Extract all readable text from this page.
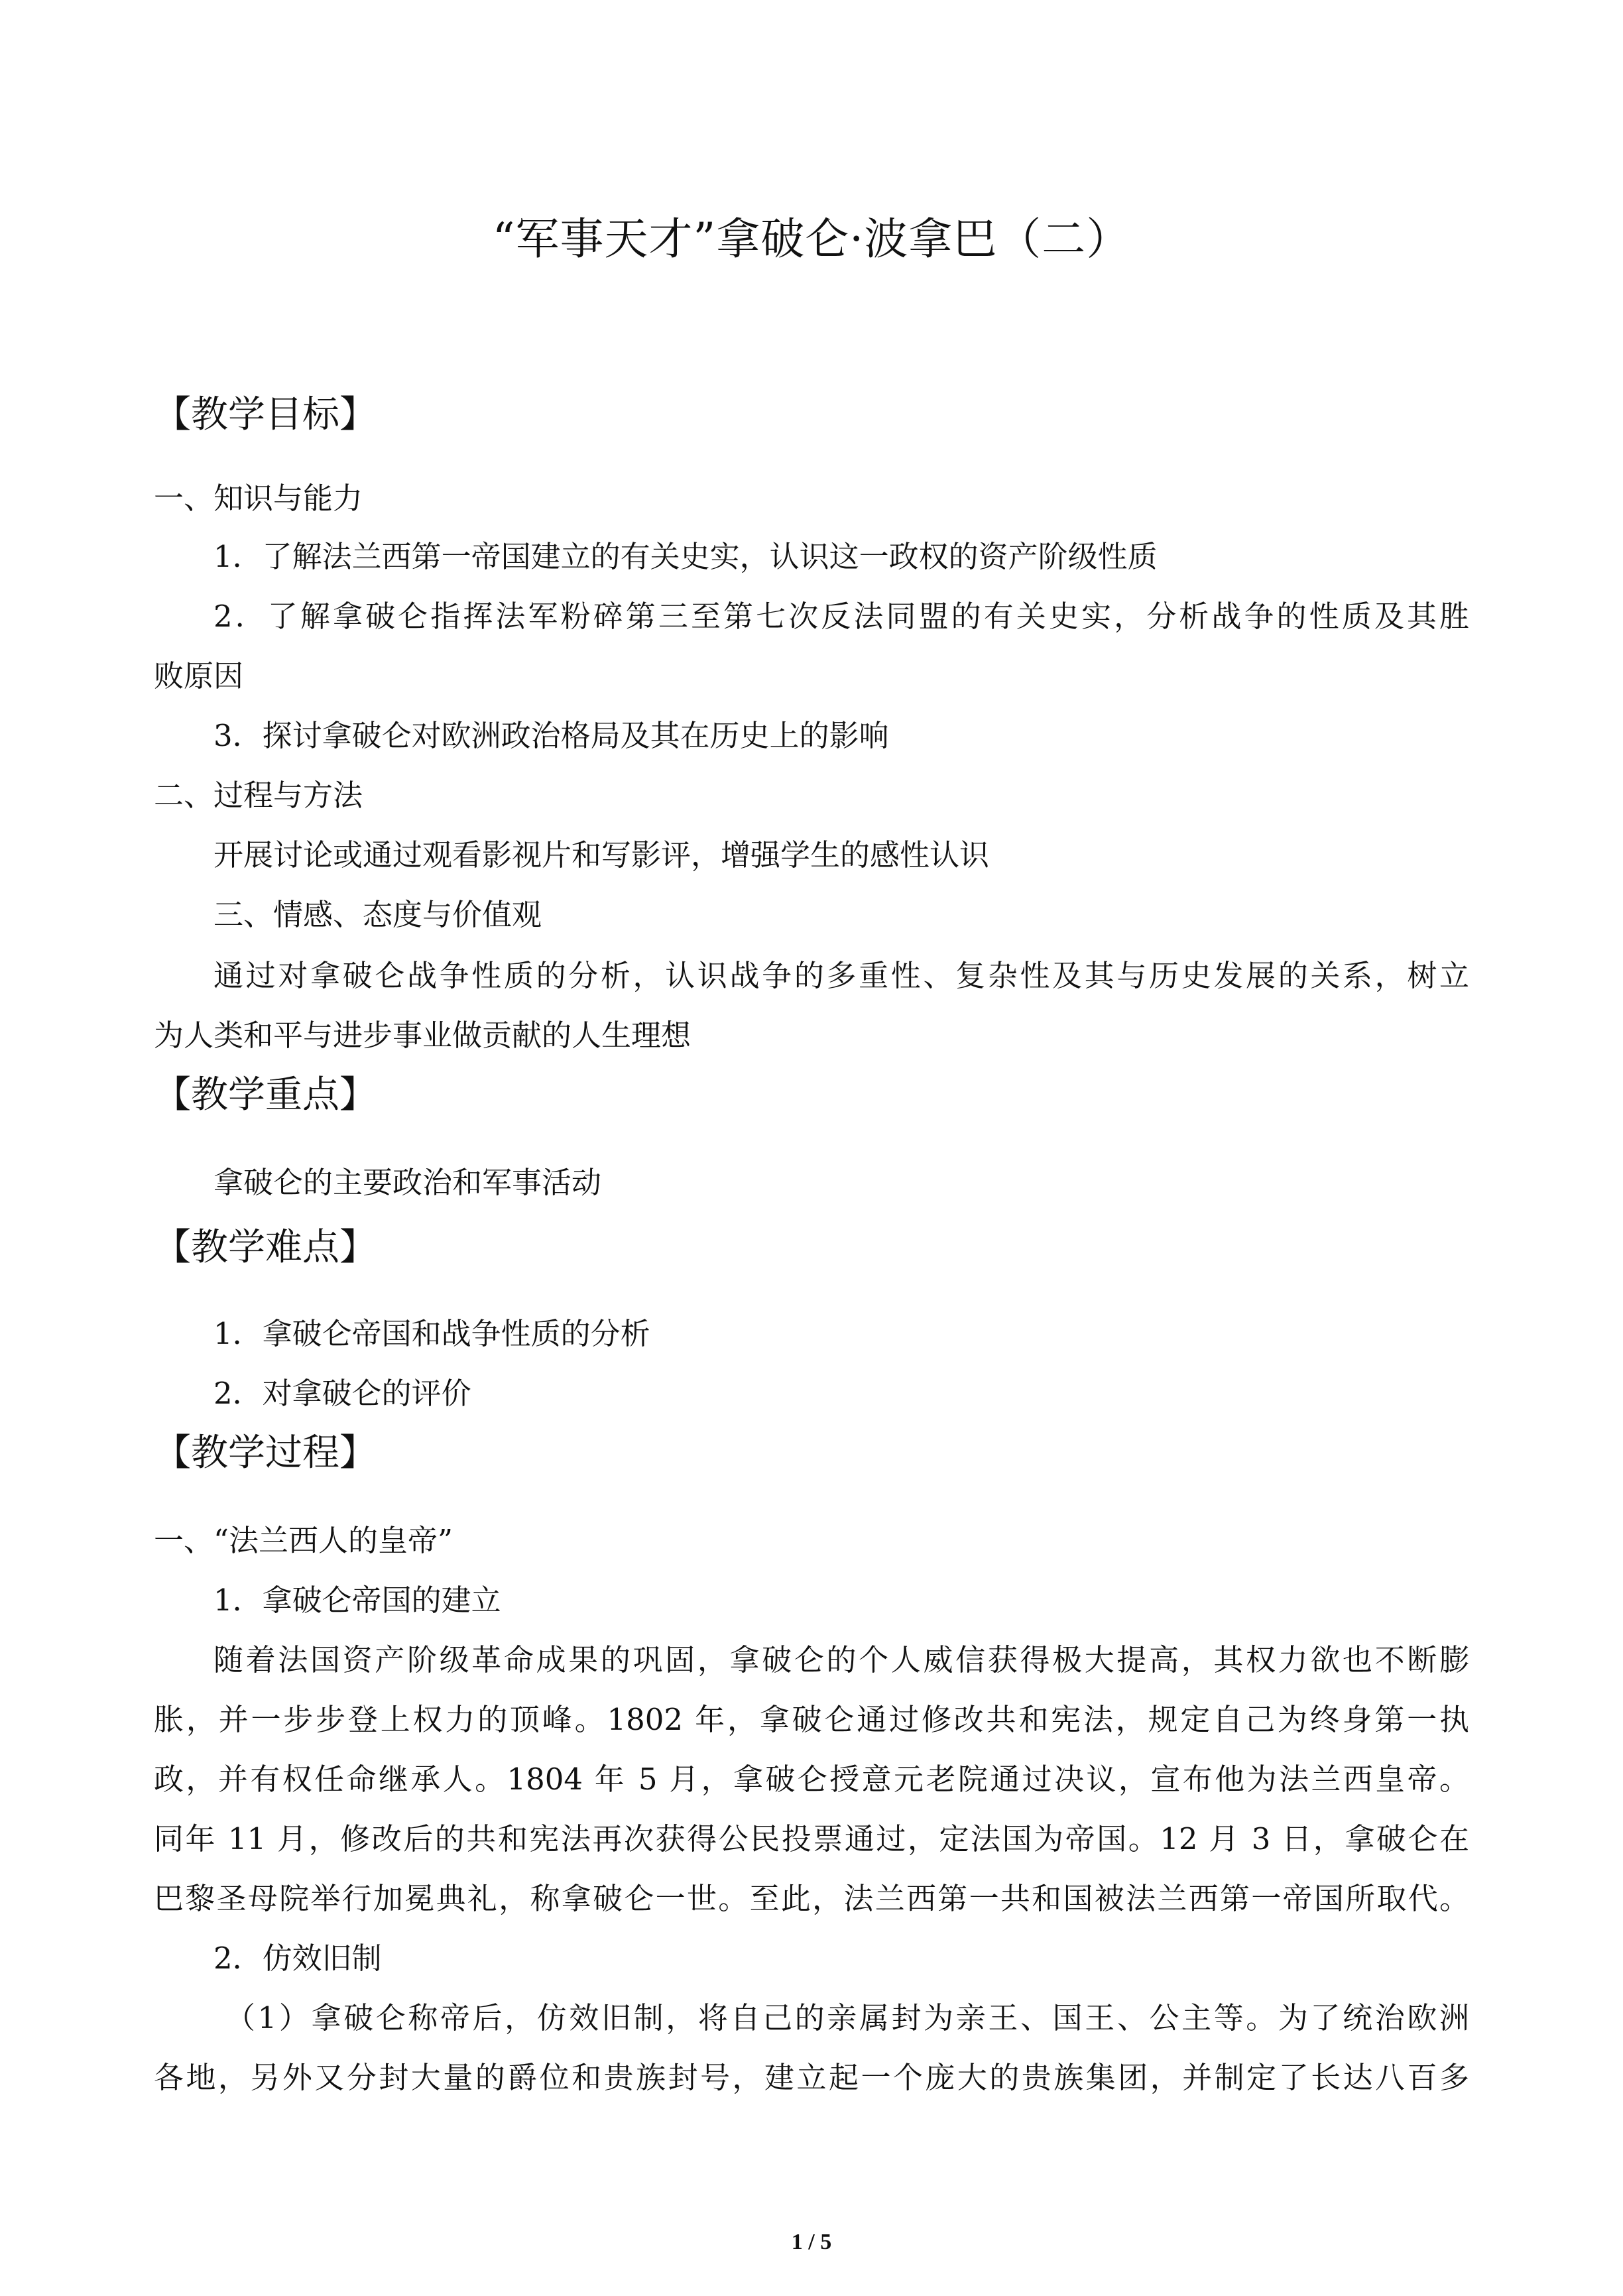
“军事天才”拿破仑·波拿巴（二）
【教学目标】
一、知识与能力
1．了解法兰西第一帝国建立的有关史实，认识这一政权的资产阶级性质
2．了解拿破仑指挥法军粉碎第三至第七次反法同盟的有关史实，分析战争的性质及其胜
败原因
3．探讨拿破仑对欧洲政治格局及其在历史上的影响
二、过程与方法
开展讨论或通过观看影视片和写影评，增强学生的感性认识
三、情感、态度与价值观
通过对拿破仑战争性质的分析，认识战争的多重性、复杂性及其与历史发展的关系，树立
为人类和平与进步事业做贡献的人生理想
【教学重点】
拿破仑的主要政治和军事活动
【教学难点】
1．拿破仑帝国和战争性质的分析
2．对拿破仑的评价
【教学过程】
一、“法兰西人的皇帝”
1．拿破仑帝国的建立
随着法国资产阶级革命成果的巩固，拿破仑的个人威信获得极大提高，其权力欲也不断膨
胀，并一步步登上权力的顶峰。1802 年，拿破仑通过修改共和宪法，规定自己为终身第一执
政，并有权任命继承人。1804 年 5 月，拿破仑授意元老院通过决议，宣布他为法兰西皇帝。
同年 11 月，修改后的共和宪法再次获得公民投票通过，定法国为帝国。12 月 3 日，拿破仑在
巴黎圣母院举行加冕典礼，称拿破仑一世。至此，法兰西第一共和国被法兰西第一帝国所取代。
2．仿效旧制
（1）拿破仑称帝后，仿效旧制，将自己的亲属封为亲王、国王、公主等。为了统治欧洲
各地，另外又分封大量的爵位和贵族封号，建立起一个庞大的贵族集团，并制定了长达八百多
1 / 5
